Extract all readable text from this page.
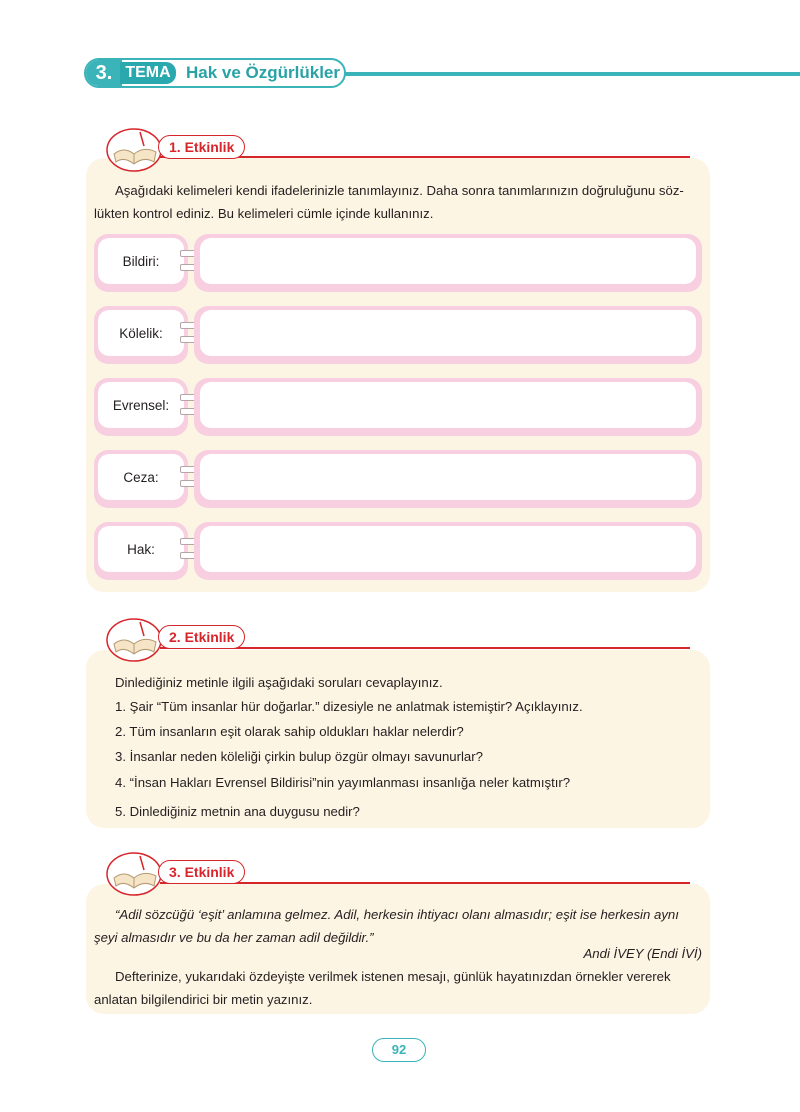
3. TEMA Hak ve Özgürlükler
1. Etkinlik
Aşağıdaki kelimeleri kendi ifadelerinizle tanımlayınız. Daha sonra tanımlarınızın doğruluğunu söz-
lükten kontrol ediniz. Bu kelimeleri cümle içinde kullanınız.
Bildiri:
Kölelik:
Evrensel:
Ceza:
Hak:
2. Etkinlik
Dinlediğiniz metinle ilgili aşağıdaki soruları cevaplayınız.
1. Şair “Tüm insanlar hür doğarlar.” dizesiyle ne anlatmak istemiştir? Açıklayınız.
2. Tüm insanların eşit olarak sahip oldukları haklar nelerdir?
3. İnsanlar neden köleliği çirkin bulup özgür olmayı savunurlar?
4. “İnsan Hakları Evrensel Bildirisi”nin yayımlanması insanlığa neler katmıştır?
5. Dinlediğiniz metnin ana duygusu nedir?
3. Etkinlik
“Adil sözcüğü ‘eşit’ anlamına gelmez. Adil, herkesin ihtiyacı olanı almasıdır; eşit ise herkesin aynı
şeyi almasıdır ve bu da her zaman adil değildir.”
Andi İVEY (Endi İVİ)
Defterinize, yukarıdaki özdeyişte verilmek istenen mesajı, günlük hayatınızdan örnekler vererek
anlatan bilgilendirici bir metin yazınız.
92
